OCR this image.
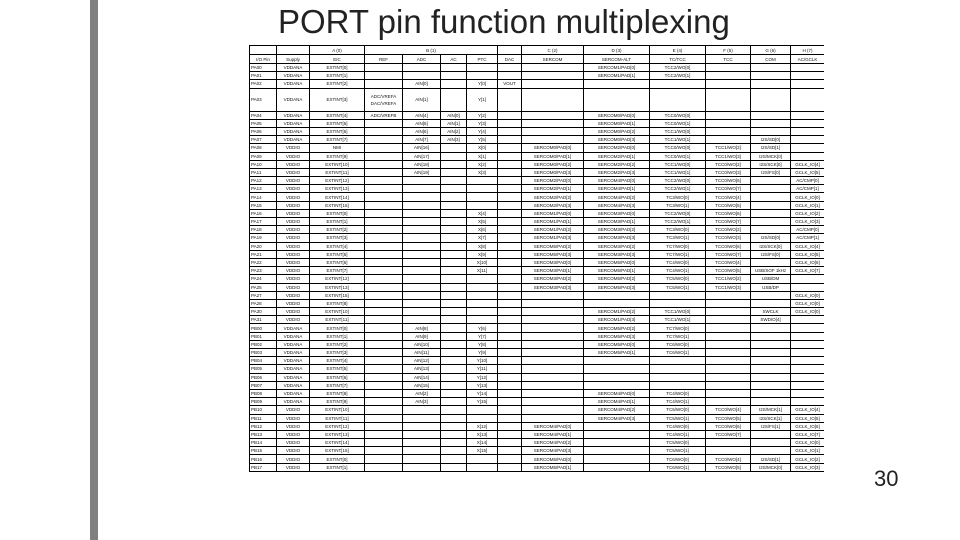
PORT pin function multiplexing
		A (0)	B (1)					C (2)	D (3)	E (4)	F (5)	G (6)	H (7)
I/O Pin	Supply	EIC	REF	ADC	AC	PTC	DAC	SERCOM	SERCOM-ALT	TC/TCC	TCC	COM	AC/GCLK
PA00	VDDANA	EXTINT[0]							SERCOM1/PAD[0]	TCC2/WO[0]			
PA01	VDDANA	EXTINT[1]							SERCOM1/PAD[1]	TCC2/WO[1]			
PA02	VDDANA	EXTINT[2]		AIN[0]		Y[0]	VOUT						
PA03	VDDANA	EXTINT[3]	ADC/VREFA DAC/VREFA	AIN[1]		Y[1]							
PA04	VDDANA	EXTINT[4]	ADC/VREFB	AIN[4]	AIN[0]	Y[2]			SERCOM0/PAD[0]	TCC0/WO[0]			
PA05	VDDANA	EXTINT[5]		AIN[5]	AIN[1]	Y[3]			SERCOM0/PAD[1]	TCC0/WO[1]			
PA06	VDDANA	EXTINT[6]		AIN[6]	AIN[2]	Y[4]			SERCOM0/PAD[2]	TCC1/WO[0]			
PA07	VDDANA	EXTINT[7]		AIN[7]	AIN[3]	Y[5]			SERCOM0/PAD[3]	TCC1/WO[1]		I2S/SD[0]	
PA08	VDDIO	NMI		AIN[16]		X[0]		SERCOM0/PAD[0]	SERCOM2/PAD[0]	TCC0/WO[0]	TCC1/WO[2]	I2S/SD[1]	
PA09	VDDIO	EXTINT[9]		AIN[17]		X[1]		SERCOM0/PAD[1]	SERCOM2/PAD[1]	TCC0/WO[1]	TCC1/WO[3]	I2S/MCK[0]	
PA10	VDDIO	EXTINT[10]		AIN[18]		X[2]		SERCOM0/PAD[2]	SERCOM2/PAD[2]	TCC1/WO[0]	TCC0/WO[2]	I2S/SCK[0]	GCLK_IO[4]
PA11	VDDIO	EXTINT[11]		AIN[19]		X[3]		SERCOM0/PAD[3]	SERCOM2/PAD[3]	TCC1/WO[1]	TCC0/WO[3]	I2S/FS[0]	GCLK_IO[5]
PA12	VDDIO	EXTINT[12]						SERCOM2/PAD[0]	SERCOM4/PAD[0]	TCC2/WO[0]	TCC0/WO[6]		AC/CMP[0]
PA13	VDDIO	EXTINT[13]						SERCOM2/PAD[1]	SERCOM4/PAD[1]	TCC2/WO[1]	TCC0/WO[7]		AC/CMP[1]
PA14	VDDIO	EXTINT[14]						SERCOM2/PAD[2]	SERCOM4/PAD[2]	TC3/WO[0]	TCC0/WO[4]		GCLK_IO[0]
PA15	VDDIO	EXTINT[15]						SERCOM2/PAD[3]	SERCOM4/PAD[3]	TC3/WO[1]	TCC0/WO[5]		GCLK_IO[1]
PA16	VDDIO	EXTINT[0]				X[4]		SERCOM1/PAD[0]	SERCOM3/PAD[0]	TCC2/WO[0]	TCC0/WO[6]		GCLK_IO[2]
PA17	VDDIO	EXTINT[1]				X[5]		SERCOM1/PAD[1]	SERCOM3/PAD[1]	TCC2/WO[1]	TCC0/WO[7]		GCLK_IO[3]
PA18	VDDIO	EXTINT[2]				X[6]		SERCOM1/PAD[2]	SERCOM3/PAD[2]	TC3/WO[0]	TCC0/WO[2]		AC/CMP[0]
PA19	VDDIO	EXTINT[3]				X[7]		SERCOM1/PAD[3]	SERCOM3/PAD[3]	TC3/WO[1]	TCC0/WO[3]	I2S/SD[0]	AC/CMP[1]
PA20	VDDIO	EXTINT[4]				X[8]		SERCOM5/PAD[2]	SERCOM3/PAD[2]	TC7/WO[0]	TCC0/WO[6]	I2S/SCK[0]	GCLK_IO[4]
PA21	VDDIO	EXTINT[5]				X[9]		SERCOM5/PAD[3]	SERCOM3/PAD[3]	TC7/WO[1]	TCC0/WO[7]	I2S/FS[0]	GCLK_IO[5]
PA22	VDDIO	EXTINT[6]				X[10]		SERCOM3/PAD[0]	SERCOM5/PAD[0]	TC4/WO[0]	TCC0/WO[4]		GCLK_IO[6]
PA23	VDDIO	EXTINT[7]				X[11]		SERCOM3/PAD[1]	SERCOM5/PAD[1]	TC4/WO[1]	TCC0/WO[5]	USB/SOF 1kHz	GCLK_IO[7]
PA24	VDDIO	EXTINT[12]						SERCOM3/PAD[2]	SERCOM5/PAD[2]	TC5/WO[0]	TCC1/WO[2]	USB/DM	
PA25	VDDIO	EXTINT[13]						SERCOM3/PAD[3]	SERCOM5/PAD[3]	TC5/WO[1]	TCC1/WO[3]	USB/DP	
PA27	VDDIO	EXTINT[15]											GCLK_IO[0]
PA28	VDDIO	EXTINT[8]											GCLK_IO[0]
PA30	VDDIO	EXTINT[10]							SERCOM1/PAD[2]	TCC1/WO[0]		SWCLK	GCLK_IO[0]
PA31	VDDIO	EXTINT[11]							SERCOM1/PAD[3]	TCC1/WO[1]		SWDIO[4]	
PB00	VDDANA	EXTINT[0]		AIN[8]		Y[6]			SERCOM5/PAD[2]	TC7/WO[0]			
PB01	VDDANA	EXTINT[1]		AIN[9]		Y[7]			SERCOM5/PAD[3]	TC7/WO[1]			
PB02	VDDANA	EXTINT[2]		AIN[10]		Y[8]			SERCOM5/PAD[0]	TC6/WO[0]			
PB03	VDDANA	EXTINT[3]		AIN[11]		Y[9]			SERCOM5/PAD[1]	TC6/WO[1]			
PB04	VDDANA	EXTINT[4]		AIN[12]		Y[10]							
PB05	VDDANA	EXTINT[5]		AIN[13]		Y[11]							
PB06	VDDANA	EXTINT[6]		AIN[14]		Y[12]							
PB07	VDDANA	EXTINT[7]		AIN[15]		Y[13]							
PB08	VDDANA	EXTINT[8]		AIN[2]		Y[14]			SERCOM4/PAD[0]	TC4/WO[0]			
PB09	VDDANA	EXTINT[9]		AIN[3]		Y[15]			SERCOM4/PAD[1]	TC4/WO[1]			
PB10	VDDIO	EXTINT[10]							SERCOM4/PAD[2]	TC5/WO[0]	TCC0/WO[4]	I2S/MCK[1]	GCLK_IO[4]
PB11	VDDIO	EXTINT[11]							SERCOM4/PAD[3]	TC5/WO[1]	TCC0/WO[5]	I2S/SCK[1]	GCLK_IO[5]
PB12	VDDIO	EXTINT[12]				X[12]		SERCOM4/PAD[0]		TC4/WO[0]	TCC0/WO[6]	I2S/FS[1]	GCLK_IO[6]
PB13	VDDIO	EXTINT[13]				X[13]		SERCOM4/PAD[1]		TC4/WO[1]	TCC0/WO[7]		GCLK_IO[7]
PB14	VDDIO	EXTINT[14]				X[14]		SERCOM4/PAD[2]		TC5/WO[0]			GCLK_IO[0]
PB15	VDDIO	EXTINT[15]				X[15]		SERCOM4/PAD[3]		TC5/WO[1]			GCLK_IO[1]
PB16	VDDIO	EXTINT[0]						SERCOM5/PAD[0]		TC6/WO[0]	TCC0/WO[4]	I2S/SD[1]	GCLK_IO[2]
PB17	VDDIO	EXTINT[1]						SERCOM5/PAD[1]		TC6/WO[1]	TCC0/WO[5]	I2S/MCK[0]	GCLK_IO[3] 30
